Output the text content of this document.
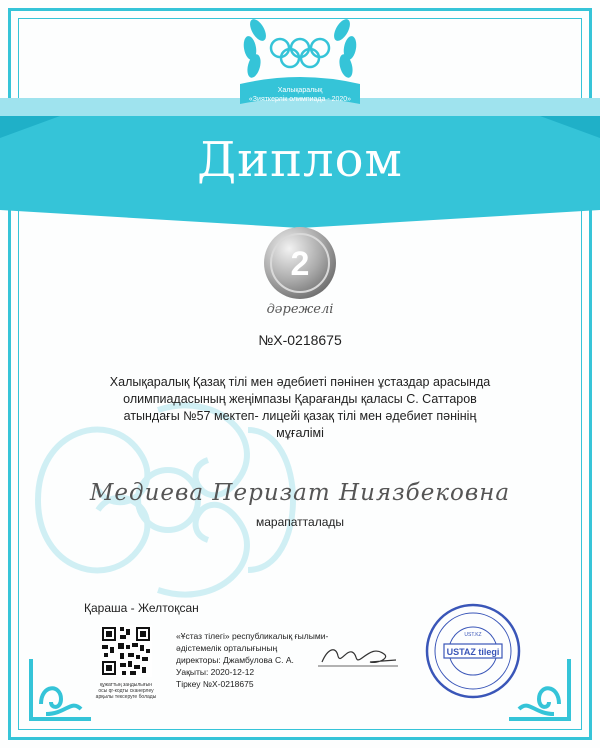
Халықаралық
«Зияткерлік олимпиада - 2020»
Диплом
2
дәрежелі
№X-0218675
Халықаралық Қазақ тілі мен әдебиеті пәнінен ұстаздар арасында
олимпиадасының жеңімпазы Қарағанды қаласы С. Саттаров
атындағы №57 мектеп- лицейі қазақ тілі мен әдебиет пәнінің
мұғалімі
Медиева Перизат Ниязбековна
марапатталады
Қараша - Желтоқсан
құжаттың заңдылығын
осы qr-кодты сканерлеу
арқылы тексеруге болады
«Ұстаз тілегі» республикалық ғылыми-
әдістемелік орталығының
директоры: Джамбулова С. А.
Уақыты: 2020-12-12
Тіркеу №X-0218675
USTAZ tilegi
UST.KZ
